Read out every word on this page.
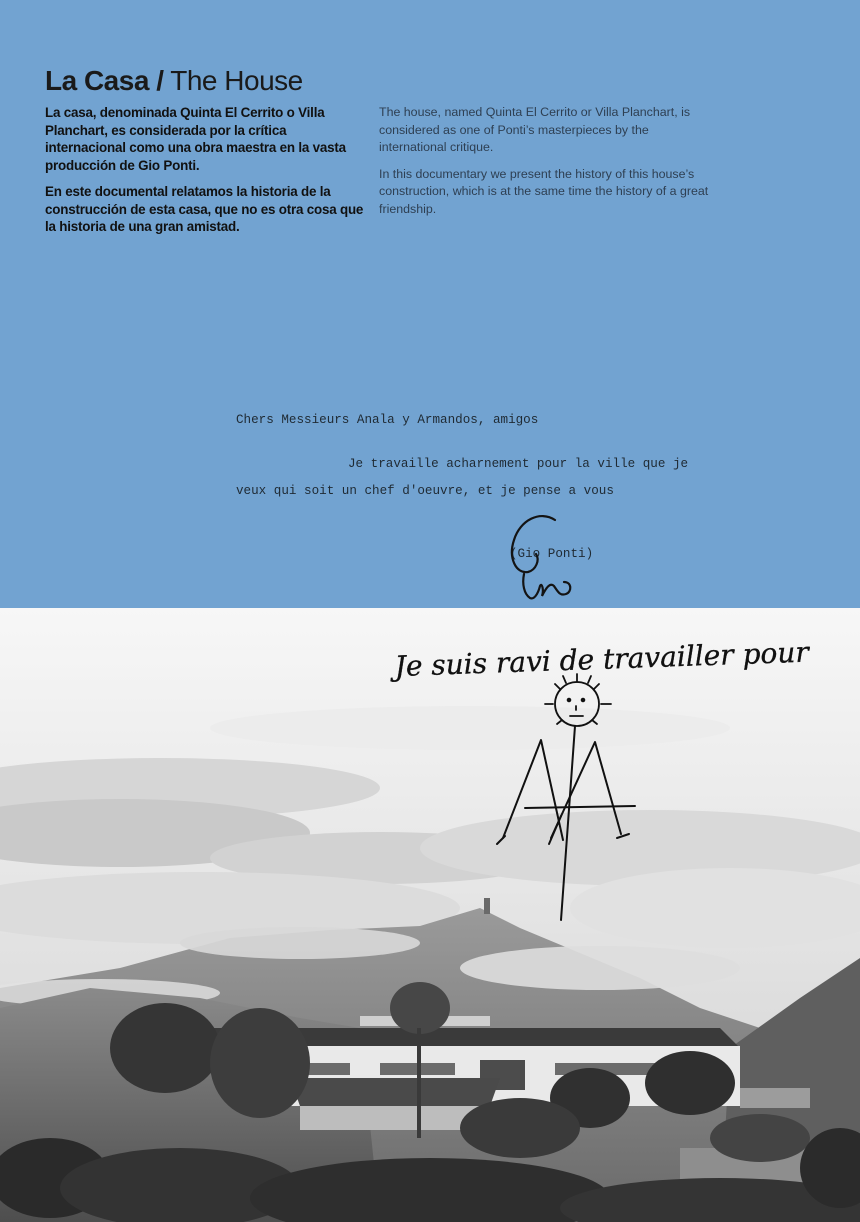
La Casa / The House

La casa, denominada Quinta El Cerrito o Villa Planchart, es considerada por la crítica internacional como una obra maestra en la vasta producción de Gio Ponti.

En este documental relatamos la historia de la construcción de esta casa, que no es otra cosa que la historia de una gran amistad.

The house, named Quinta El Cerrito or Villa Planchart, is considered as one of Ponti’s masterpieces by the international critique.

In this documentary we present the history of this house’s construction, which is at the same time the history of a great friendship.

Chers Messieurs Anala y Armandos, amigos
Je travaille acharnement pour la ville que je
veux qui soit un chef d'oeuvre, et je pense a vous
(Gio Ponti)
Je suis ravi de travailler pour
